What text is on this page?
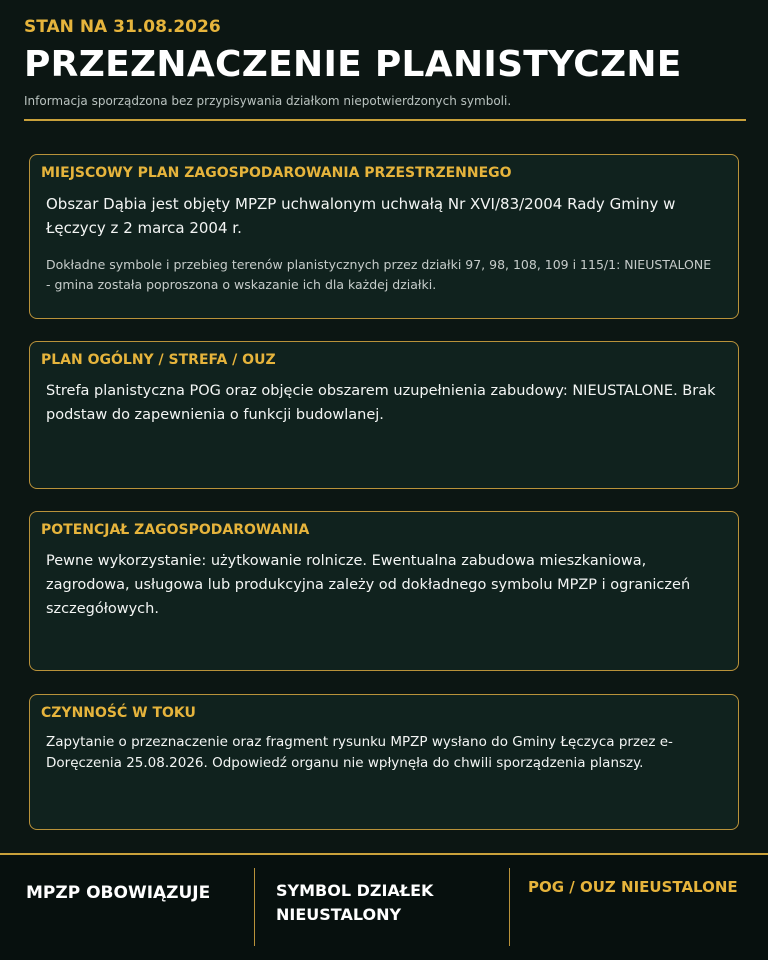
STAN NA 31.08.2026
PRZEZNACZENIE PLANISTYCZNE
Informacja sporządzona bez przypisywania działkom niepotwierdzonych symboli.
MIEJSCOWY PLAN ZAGOSPODAROWANIA PRZESTRZENNEGO
Obszar Dąbia jest objęty MPZP uchwalonym uchwałą Nr XVI/83/2004 Rady Gminy w Łęczycy z 2 marca 2004 r.
Dokładne symbole i przebieg terenów planistycznych przez działki 97, 98, 108, 109 i 115/1: NIEUSTALONE - gmina została poproszona o wskazanie ich dla każdej działki.
PLAN OGÓLNY / STREFA / OUZ
Strefa planistyczna POG oraz objęcie obszarem uzupełnienia zabudowy: NIEUSTALONE. Brak podstaw do zapewnienia o funkcji budowlanej.
POTENCJAŁ ZAGOSPODAROWANIA
Pewne wykorzystanie: użytkowanie rolnicze. Ewentualna zabudowa mieszkaniowa, zagrodowa, usługowa lub produkcyjna zależy od dokładnego symbolu MPZP i ograniczeń szczegółowych.
CZYNNOŚĆ W TOKU
Zapytanie o przeznaczenie oraz fragment rysunku MPZP wysłano do Gminy Łęczyca przez e-Doręczenia 25.08.2026. Odpowiedź organu nie wpłynęła do chwili sporządzenia planszy.
MPZP OBOWIĄZUJE	SYMBOL DZIAŁEK NIEUSTALONY
POG / OUZ NIEUSTALONE
